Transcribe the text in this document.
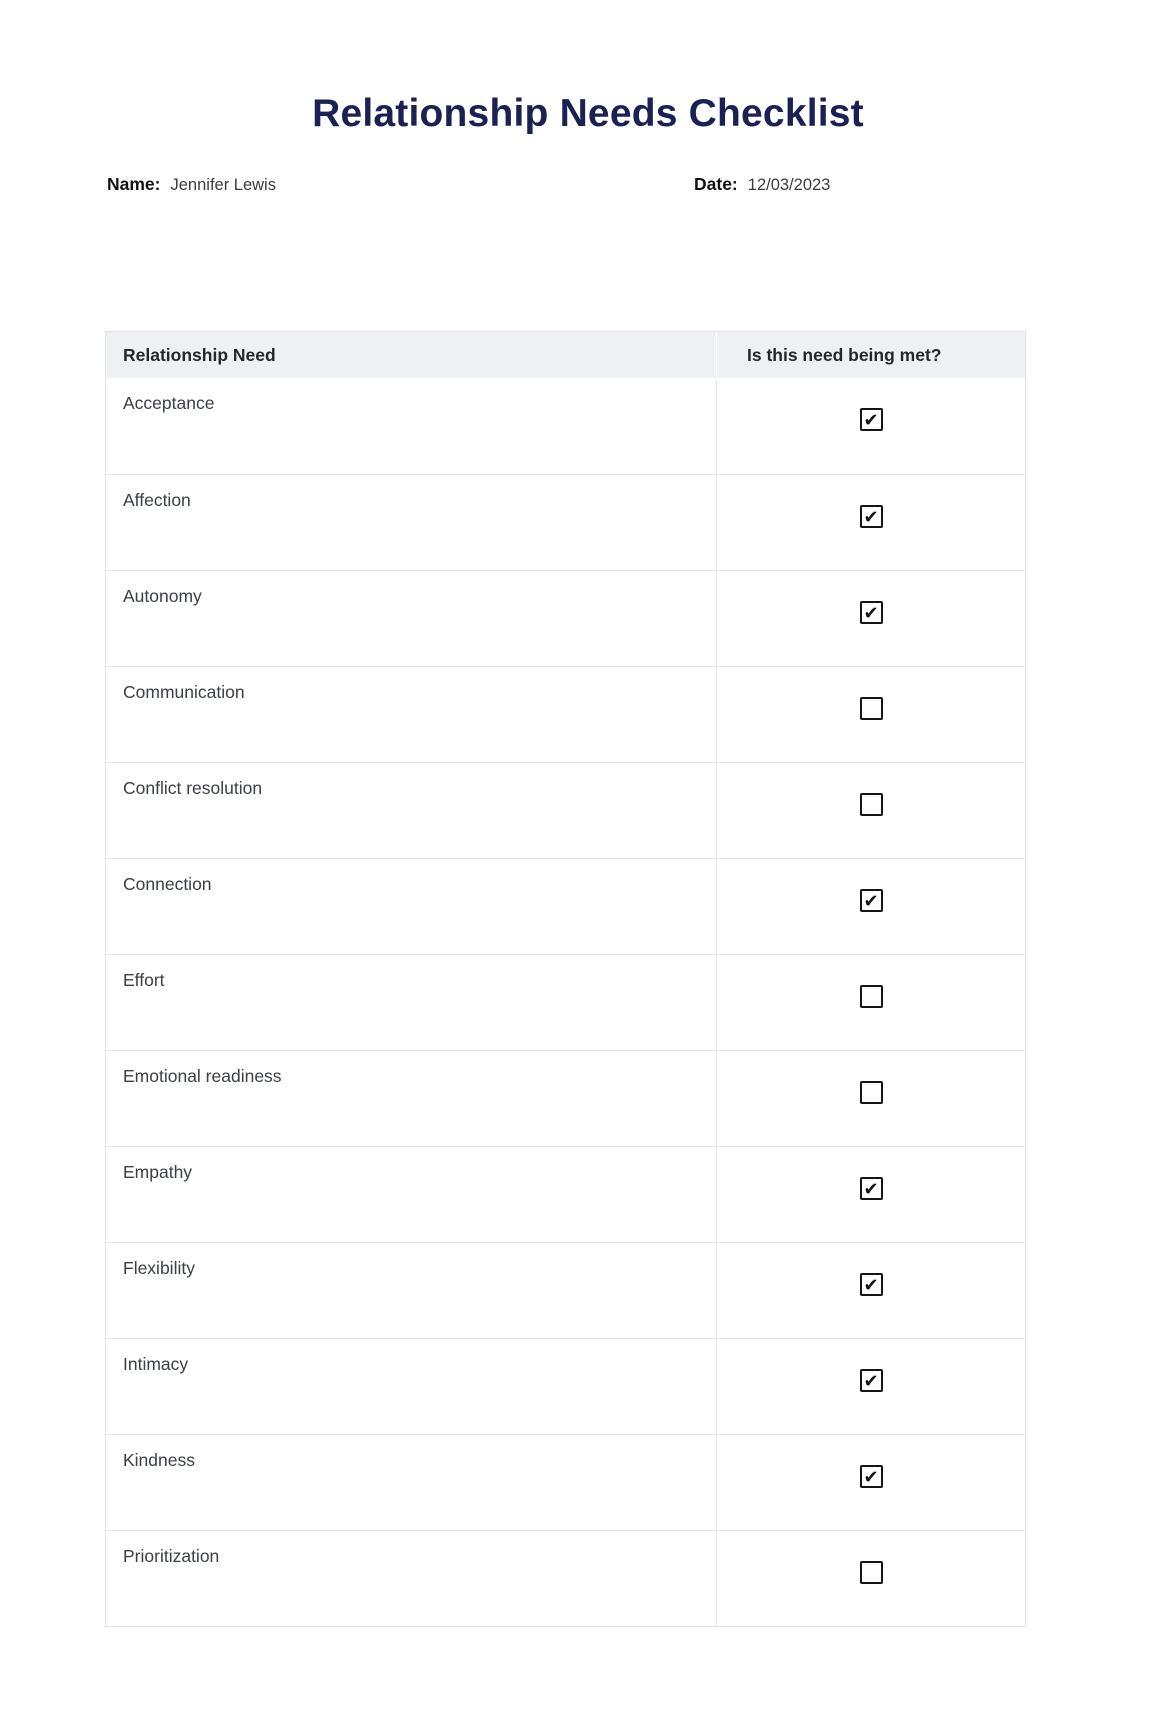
Relationship Needs Checklist
Name: Jennifer Lewis	Date: 12/03/2023
Relationship Need	Is this need being met?
Acceptance
✔
Affection
✔
Autonomy
✔
Communication
Conflict resolution
Connection
✔
Effort
Emotional readiness
Empathy
✔
Flexibility
✔
Intimacy
✔
Kindness
✔
Prioritization
